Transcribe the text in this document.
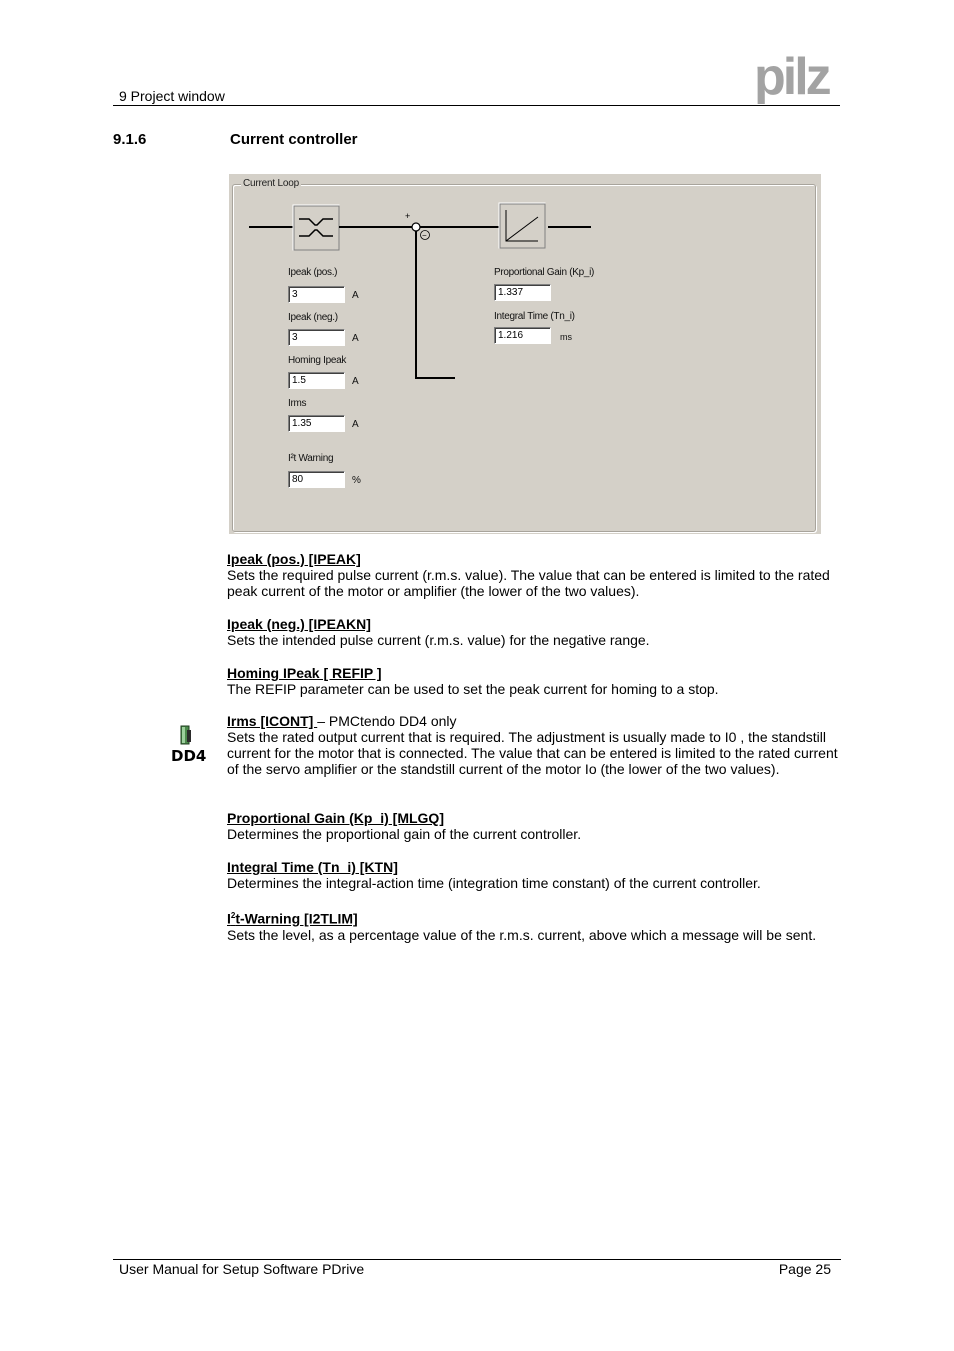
9 Project window	pilz
9.1.6	Current controller
Current Loop
+
−
Ipeak (pos.)
3	A
Ipeak (neg.)
3	A
Homing Ipeak
1.5	A
Irms
1.35	A
I²t Warning
80	%
Proportional Gain (Kp_i)
1.337
Integral Time (Tn_i)
1.216	ms
Ipeak (pos.) [IPEAK]

Sets the required pulse current (r.m.s. value). The value that can be entered is limited to the rated peak current of the motor or amplifier (the lower of the two values).

Ipeak (neg.) [IPEAKN]

Sets the intended pulse current (r.m.s. value) for the negative range.

Homing IPeak [ REFIP ]

The REFIP parameter can be used to set the peak current for homing to a stop.

DD4
Irms [ICONT] – PMCtendo DD4 only

Sets the rated output current that is required. The adjustment is usually made to I0 , the standstill current for the motor that is connected. The value that can be entered is limited to the rated current of the servo amplifier or the standstill current of the motor Io (the lower of the two values).

Proportional Gain (Kp_i) [MLGQ]

Determines the proportional gain of the current controller.

Integral Time (Tn_i) [KTN]

Determines the integral-action time (integration time constant) of the current controller.

$I^2t$-Warning [I2TLIM]

Sets the level, as a percentage value of the r.m.s. current, above which a message will be sent.

User Manual for Setup Software PDrive	Page 25
